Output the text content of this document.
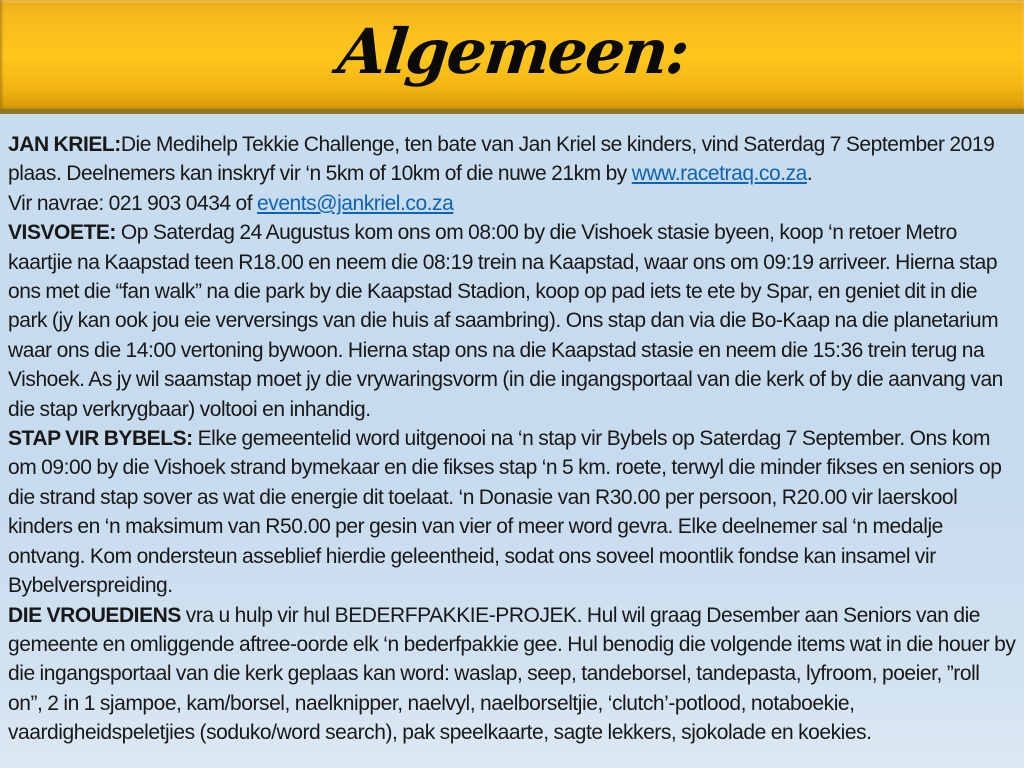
Algemeen:

JAN KRIEL:Die Medihelp Tekkie Challenge, ten bate van Jan Kriel se kinders, vind Saterdag 7 September 2019 plaas. Deelnemers kan inskryf vir ‘n 5km of 10km of die nuwe 21km by www.racetraq.co.za.
Vir navrae: 021 903 0434 of events@jankriel.co.za

VISVOETE: Op Saterdag 24 Augustus kom ons om 08:00 by die Vishoek stasie byeen, koop ‘n retoer Metro kaartjie na Kaapstad teen R18.00 en neem die 08:19 trein na Kaapstad, waar ons om 09:19 arriveer. Hierna stap ons met die “fan walk” na die park by die Kaapstad Stadion, koop op pad iets te ete by Spar, en geniet dit in die park (jy kan ook jou eie verversings van die huis af saambring). Ons stap dan via die Bo-Kaap na die planetarium waar ons die 14:00 vertoning bywoon. Hierna stap ons na die Kaapstad stasie en neem die 15:36 trein terug na Vishoek. As jy wil saamstap moet jy die vrywaringsvorm (in die ingangsportaal van die kerk of by die aanvang van die stap verkrygbaar) voltooi en inhandig.

STAP VIR BYBELS: Elke gemeentelid word uitgenooi na ‘n stap vir Bybels op Saterdag 7 September. Ons kom om 09:00 by die Vishoek strand bymekaar en die fikses stap ‘n 5 km. roete, terwyl die minder fikses en seniors op die strand stap sover as wat die energie dit toelaat. ‘n Donasie van R30.00 per persoon, R20.00 vir laerskool kinders en ‘n maksimum van R50.00 per gesin van vier of meer word gevra. Elke deelnemer sal ‘n medalje ontvang. Kom ondersteun asseblief hierdie geleentheid, sodat ons soveel moontlik fondse kan insamel vir Bybelverspreiding.

DIE VROUEDIENS vra u hulp vir hul BEDERFPAKKIE-PROJEK. Hul wil graag Desember aan Seniors van die gemeente en omliggende aftree-oorde elk ‘n bederfpakkie gee. Hul benodig die volgende items wat in die houer by die ingangsportaal van die kerk geplaas kan word: waslap, seep, tandeborsel, tandepasta, lyfroom, poeier, ”roll on”, 2 in 1 sjampoe, kam/borsel, naelknipper, naelvyl, naelborseltjie, ‘clutch’-potlood, notaboekie, vaardigheidspeletjies (soduko/word search), pak speelkaarte, sagte lekkers, sjokolade en koekies.
